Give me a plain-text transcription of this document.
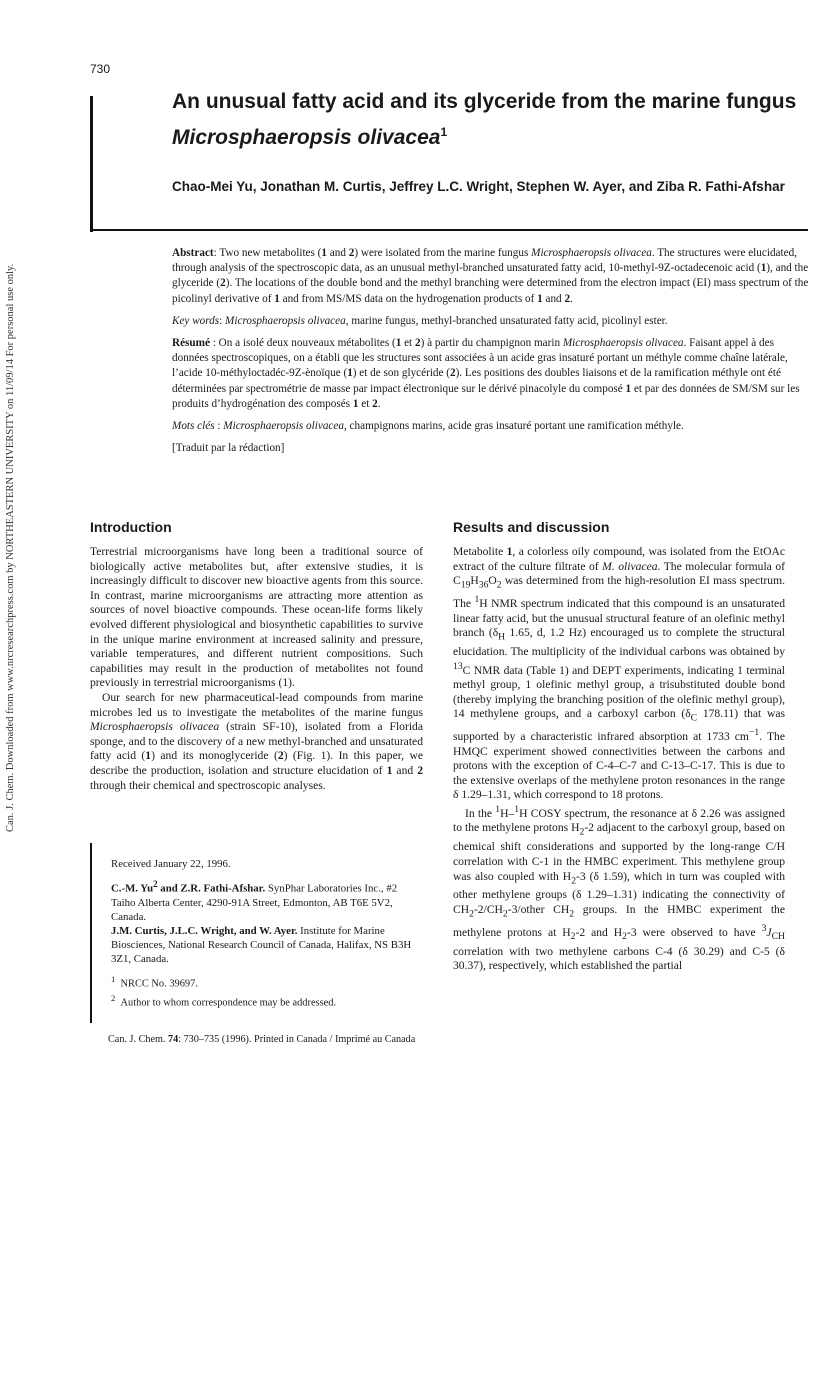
730
Can. J. Chem. Downloaded from www.nrcresearchpress.com by NORTHEASTERN UNIVERSITY on 11/09/14 For personal use only.
An unusual fatty acid and its glyceride from the marine fungus Microsphaeropsis olivacea$^1$

Chao-Mei Yu, Jonathan M. Curtis, Jeffrey L.C. Wright, Stephen W. Ayer, and Ziba R. Fathi-Afshar

Abstract: Two new metabolites (1 and 2) were isolated from the marine fungus Microsphaeropsis olivacea. The structures were elucidated, through analysis of the spectroscopic data, as an unusual methyl-branched unsaturated fatty acid, 10-methyl-9Z-octadecenoic acid (1), and the glyceride (2). The locations of the double bond and the methyl branching were determined from the electron impact (EI) mass spectrum of the picolinyl derivative of 1 and from MS/MS data on the hydrogenation products of 1 and 2.

Key words: Microsphaeropsis olivacea, marine fungus, methyl-branched unsaturated fatty acid, picolinyl ester.

Résumé : On a isolé deux nouveaux métabolites (1 et 2) à partir du champignon marin Microsphaeropsis olivacea. Faisant appel à des données spectroscopiques, on a établi que les structures sont associées à un acide gras insaturé portant un méthyle comme chaîne latérale, l’acide 10-méthyloctadéc-9Z-ènoïque (1) et de son glycéride (2). Les positions des doubles liaisons et de la ramification méthyle ont été déterminées par spectrométrie de masse par impact électronique sur le dérivé pinacolyle du composé 1 et par des données de SM/SM sur les produits d’hydrogénation des composés 1 et 2.

Mots clés : Microsphaeropsis olivacea, champignons marins, acide gras insaturé portant une ramification méthyle.

[Traduit par la rédaction]

Introduction	Results and discussion

Terrestrial microorganisms have long been a traditional source of biologically active metabolites but, after extensive studies, it is increasingly difficult to discover new bioactive agents from this source. In contrast, marine microorganisms are attracting more attention as sources of novel bioactive compounds. These ocean-life forms likely evolved different physiological and biosynthetic capabilities to survive in the unique marine environment at increased salinity and pressure, variable temperatures, and different nutrient compositions. Such capabilities may result in the production of metabolites not found previously in terrestrial microorganisms (1).

Our search for new pharmaceutical-lead compounds from marine microbes led us to investigate the metabolites of the marine fungus Microsphaeropsis olivacea (strain SF-10), isolated from a Florida sponge, and to the discovery of a new methyl-branched and unsaturated fatty acid (1) and its monoglyceride (2) (Fig. 1). In this paper, we describe the production, isolation and structure elucidation of 1 and 2 through their chemical and spectroscopic analyses.

Received January 22, 1996.

C.-M. Yu$^2$ and Z.R. Fathi-Afshar. SynPhar Laboratories Inc., #2 Taiho Alberta Center, 4290-91A Street, Edmonton, AB T6E 5V2, Canada.

J.M. Curtis, J.L.C. Wright, and W. Ayer. Institute for Marine Biosciences, National Research Council of Canada, Halifax, NS B3H 3Z1, Canada.

$^1$ NRCC No. 39697.

$^2$ Author to whom correspondence may be addressed.

Metabolite 1, a colorless oily compound, was isolated from the EtOAc extract of the culture filtrate of M. olivacea. The molecular formula of $C_{19}H_{36}O_2$ was determined from the high-resolution EI mass spectrum. The $^1$H NMR spectrum indicated that this compound is an unsaturated linear fatty acid, but the unusual structural feature of an olefinic methyl branch ($\delta_H$ 1.65, d, 1.2 Hz) encouraged us to complete the structural elucidation. The multiplicity of the individual carbons was obtained by $^{13}$C NMR data (Table 1) and DEPT experiments, indicating 1 terminal methyl group, 1 olefinic methyl group, a trisubstituted double bond (thereby implying the branching position of the olefinic methyl group), 14 methylene groups, and a carboxyl carbon ($\delta_C$ 178.11) that was supported by a characteristic infrared absorption at 1733 $cm^{-1}$. The HMQC experiment showed connectivities between the carbons and protons with the exception of C-4–C-7 and C-13–C-17. This is due to the extensive overlaps of the methylene proton resonances in the range δ 1.29–1.31, which correspond to 18 protons.

In the $^1$H–$^1$H COSY spectrum, the resonance at δ 2.26 was assigned to the methylene protons $H_2-2$ adjacent to the carboxyl group, based on chemical shift considerations and supported by the long-range C/H correlation with C-1 in the HMBC experiment. This methylene group was also coupled with $H_2-3$ (δ 1.59), which in turn was coupled with other methylene groups (δ 1.29–1.31) indicating the connectivity of $CH_2-2/CH_2-3$/other $CH_2$ groups. In the HMBC experiment the methylene protons at $H_2-2$ and $H_2-3$ were observed to have $^3J_{CH}$ correlation with two methylene carbons C-4 (δ 30.29) and C-5 (δ 30.37), respectively, which established the partial

Can. J. Chem. 74: 730–735 (1996). Printed in Canada / Imprimé au Canada
